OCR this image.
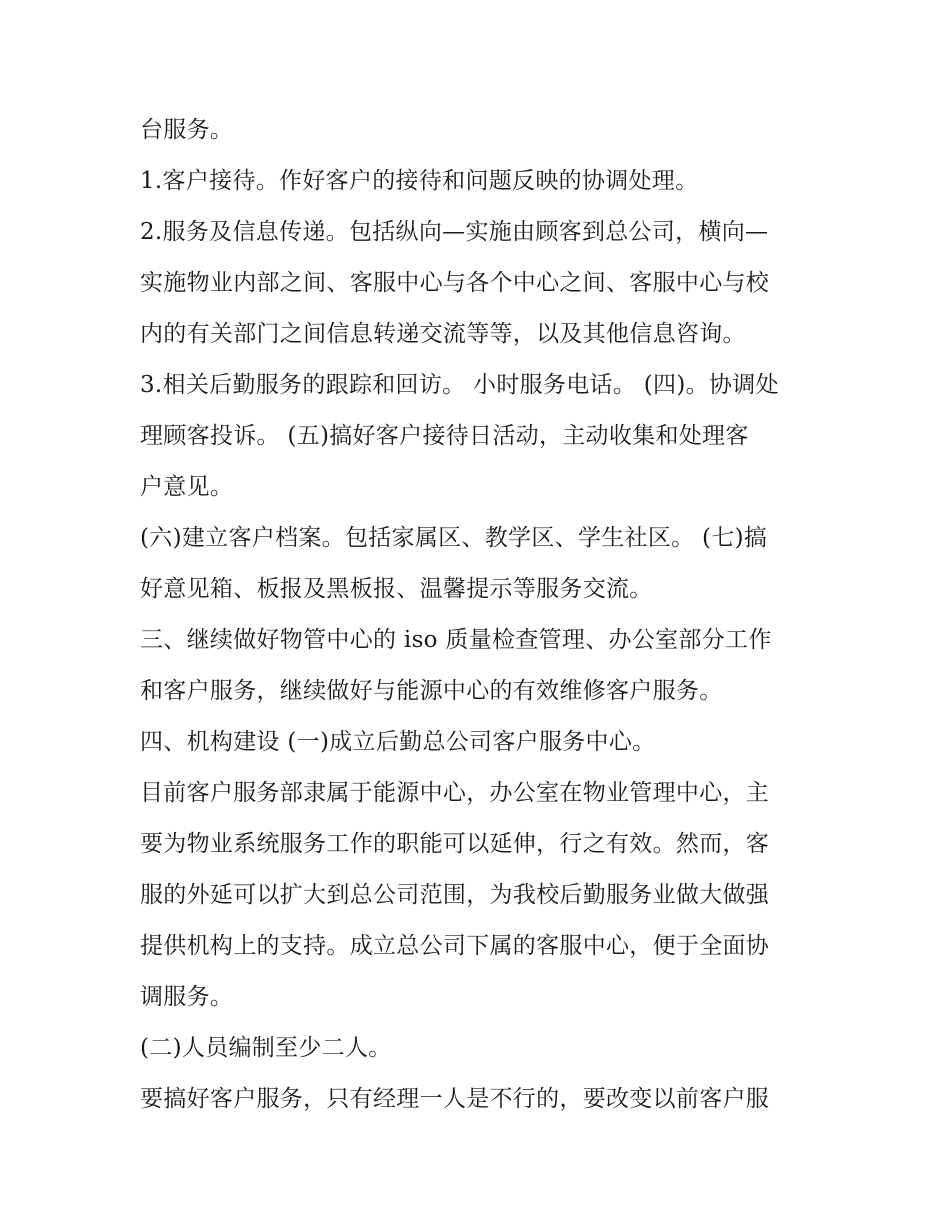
台服务。
1.客户接待。作好客户的接待和问题反映的协调处理。
2.服务及信息传递。包括纵向—实施由顾客到总公司，横向—
实施物业内部之间、客服中心与各个中心之间、客服中心与校
内的有关部门之间信息转递交流等等，以及其他信息咨询。
3.相关后勤服务的跟踪和回访。 小时服务电话。 (四)。协调处
理顾客投诉。 (五)搞好客户接待日活动，主动收集和处理客
户意见。
(六)建立客户档案。包括家属区、教学区、学生社区。 (七)搞
好意见箱、板报及黑板报、温馨提示等服务交流。
三、继续做好物管中心的 iso 质量检查管理、办公室部分工作
和客户服务，继续做好与能源中心的有效维修客户服务。
四、机构建设 (一)成立后勤总公司客户服务中心。
目前客户服务部隶属于能源中心，办公室在物业管理中心，主
要为物业系统服务工作的职能可以延伸，行之有效。然而，客
服的外延可以扩大到总公司范围，为我校后勤服务业做大做强
提供机构上的支持。成立总公司下属的客服中心，便于全面协
调服务。
(二)人员编制至少二人。
要搞好客户服务，只有经理一人是不行的，要改变以前客户服
